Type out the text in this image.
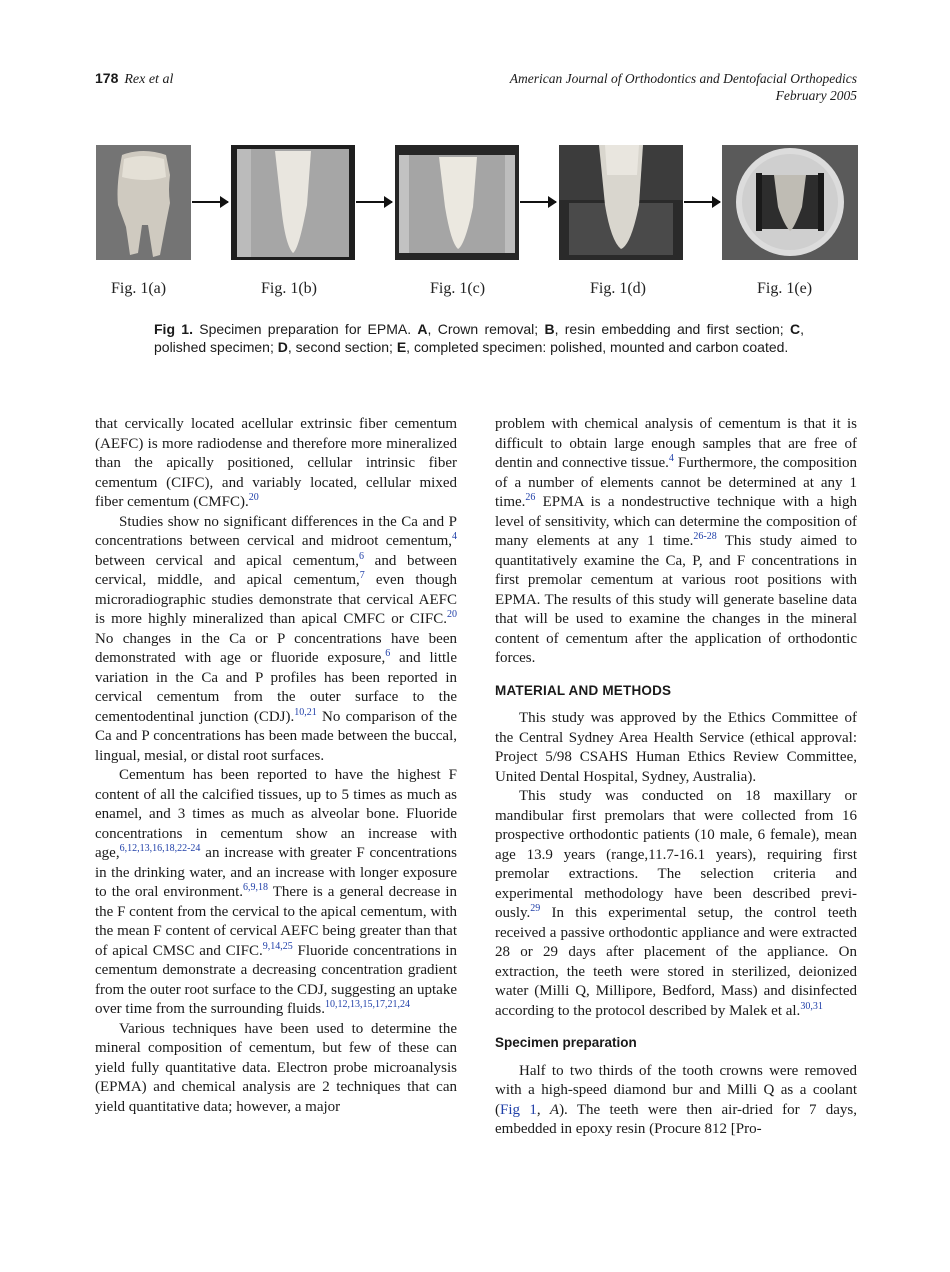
178 Rex et al	American Journal of Orthodontics and Dentofacial Orthopedics
February 2005
Fig. 1(a)	Fig. 1(b)	Fig. 1(c)	Fig. 1(d)	Fig. 1(e)
Fig 1. Specimen preparation for EPMA. A, Crown removal; B, resin embedding and first section; C, polished specimen; D, second section; E, completed specimen: polished, mounted and carbon coated.

that cervically located acellular extrinsic fiber cementum (AEFC) is more radiodense and therefore more mineralized than the apically positioned, cellular intrinsic fiber cementum (CIFC), and variably located, cellular mixed fiber cementum (CMFC).$^{20}$

Studies show no significant differences in the Ca and P concentrations between cervical and midroot cementum,$^4$ between cervical and apical cementum,$^6$ and between cervical, middle, and apical cementum,$^7$ even though microradiographic studies demonstrate that cervical AEFC is more highly mineralized than apical CMFC or CIFC.$^{20}$ No changes in the Ca or P concentrations have been demonstrated with age or fluoride exposure,$^6$ and little variation in the Ca and P profiles has been reported in cervical cementum from the outer surface to the cementodentinal junction (CDJ).$^{10,21}$ No comparison of the Ca and P concentrations has been made between the buccal, lingual, mesial, or distal root surfaces.

Cementum has been reported to have the highest F content of all the calcified tissues, up to 5 times as much as enamel, and 3 times as much as alveolar bone. Fluoride concentrations in cementum show an increase with age,$^{6,12,13,16,18,22-24}$ an increase with greater F concentrations in the drinking water, and an increase with longer exposure to the oral environment.$^{6,9,18}$ There is a general decrease in the F content from the cervical to the apical cementum, with the mean F content of cervical AEFC being greater than that of apical CMSC and CIFC.$^{9,14,25}$ Fluoride concentrations in cementum demonstrate a decreasing concentration gradient from the outer root surface to the CDJ, suggesting an uptake over time from the surrounding fluids.$^{10,12,13,15,17,21,24}$

Various techniques have been used to determine the mineral composition of cementum, but few of these can yield fully quantitative data. Electron probe microanalysis (EPMA) and chemical analysis are 2 techniques that can yield quantitative data; however, a major

problem with chemical analysis of cementum is that it is difficult to obtain large enough samples that are free of dentin and connective tissue.$^4$ Furthermore, the composition of a number of elements cannot be determined at any 1 time.$^{26}$ EPMA is a nondestructive technique with a high level of sensitivity, which can determine the composition of many elements at any 1 time.$^{26-28}$ This study aimed to quantitatively examine the Ca, P, and F concentrations in first premolar cementum at various root positions with EPMA. The results of this study will generate baseline data that will be used to examine the changes in the mineral content of cementum after the application of orthodontic forces.

MATERIAL AND METHODS

This study was approved by the Ethics Committee of the Central Sydney Area Health Service (ethical approval: Project 5/98 CSAHS Human Ethics Review Committee, United Dental Hospital, Sydney, Australia).

This study was conducted on 18 maxillary or mandibular first premolars that were collected from 16 prospective orthodontic patients (10 male, 6 female), mean age 13.9 years (range,11.7-16.1 years), requiring first premolar extractions. The selection criteria and experimental methodology have been described previously.$^{29}$ In this experimental setup, the control teeth received a passive orthodontic appliance and were extracted 28 or 29 days after placement of the appliance. On extraction, the teeth were stored in sterilized, deionized water (Milli Q, Millipore, Bedford, Mass) and disinfected according to the protocol described by Malek et al.$^{30,31}$

Specimen preparation

Half to two thirds of the tooth crowns were removed with a high-speed diamond bur and Milli Q as a coolant (Fig 1, A). The teeth were then air-dried for 7 days, embedded in epoxy resin (Procure 812 [Pro-
